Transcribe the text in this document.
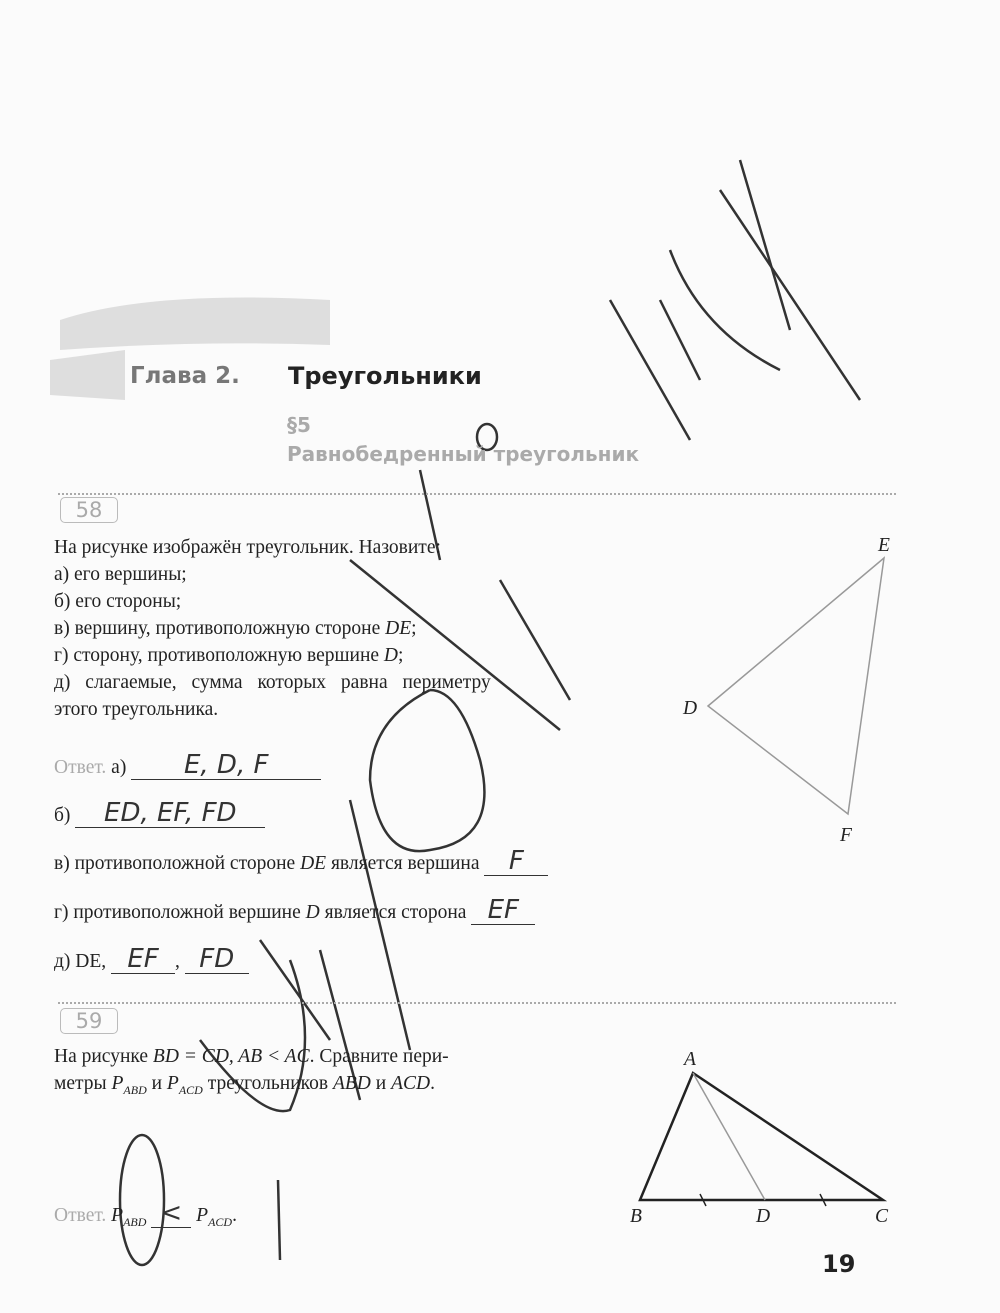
Глава 2. Треугольники
§5
Равнобедренный треугольник
58
На рисунке изображён треугольник. Назовите:
а) его вершины;
б) его стороны;
в) вершину, противоположную стороне DE;
г) сторону, противоположную вершине D;
д) слагаемые, сумма которых равна периметру
этого треугольника.
Ответ. а) E, D, F
б) ED, EF, FD
в) противоположной стороне DE является вершина F
г) противоположной вершине D является сторона EF
д) DE, EF , FD
E
D
F
59
На рисунке BD = CD, AB < AC. Сравните пери-
метры $P_{ABD}$ и $P_{ACD}$ треугольников ABD и ACD.
Ответ. $P_{ABD} < P_{ACD}$.
A
B	D	C
19
